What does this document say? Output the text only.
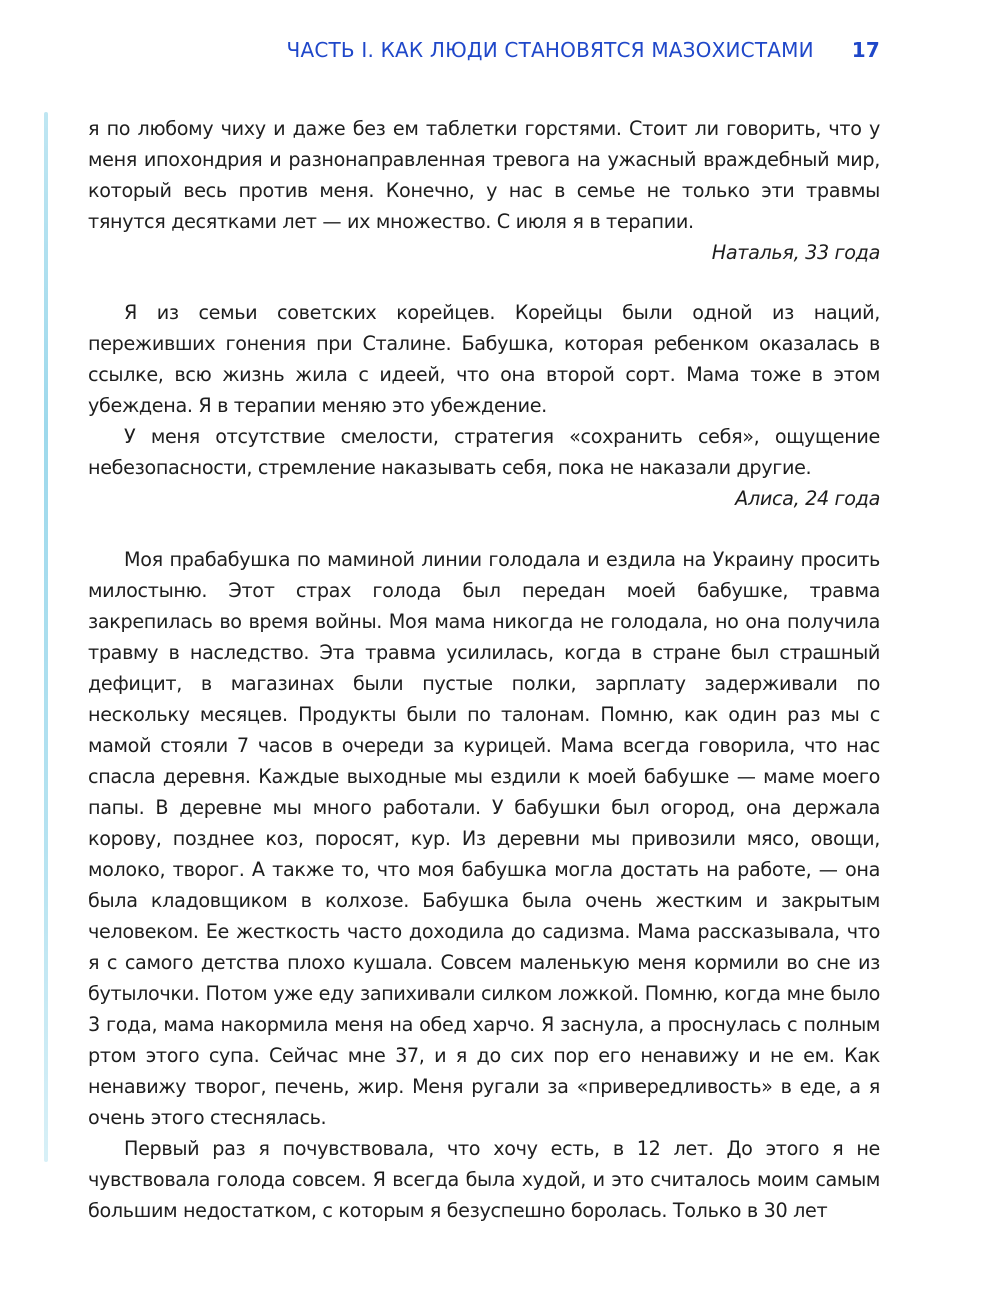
ЧАСТЬ I. КАК ЛЮДИ СТАНОВЯТСЯ МАЗОХИСТАМИ 17

я по любому чиху и даже без ем таблетки горстями. Стоит ли говорить, что у меня ипохондрия и разнонаправленная тревога на ужасный враждебный мир, который весь против меня. Конечно, у нас в семье не только эти травмы тянутся десятками лет — их множество. С июля я в терапии.

Наталья, 33 года

Я из семьи советских корейцев. Корейцы были одной из наций, переживших гонения при Сталине. Бабушка, которая ребенком оказалась в ссылке, всю жизнь жила с идеей, что она второй сорт. Мама тоже в этом убеждена. Я в терапии меняю это убеждение.

У меня отсутствие смелости, стратегия «сохранить себя», ощущение небезопасности, стремление наказывать себя, пока не наказали другие.

Алиса, 24 года

Моя прабабушка по маминой линии голодала и ездила на Украину просить милостыню. Этот страх голода был передан моей бабушке, травма закрепилась во время войны. Моя мама никогда не голодала, но она получила травму в наследство. Эта травма усилилась, когда в стране был страшный дефицит, в магазинах были пустые полки, зарплату задерживали по нескольку месяцев. Продукты были по талонам. Помню, как один раз мы с мамой стояли 7 часов в очереди за курицей. Мама всегда говорила, что нас спасла деревня. Каждые выходные мы ездили к моей бабушке — маме моего папы. В деревне мы много работали. У бабушки был огород, она держала корову, позднее коз, поросят, кур. Из деревни мы привозили мясо, овощи, молоко, творог. А также то, что моя бабушка могла достать на работе, — она была кладовщиком в колхозе. Бабушка была очень жестким и закрытым человеком. Ее жесткость часто доходила до садизма. Мама рассказывала, что я с самого детства плохо кушала. Совсем маленькую меня кормили во сне из бутылочки. Потом уже еду запихивали силком ложкой. Помню, когда мне было 3 года, мама накормила меня на обед харчо. Я заснула, а проснулась с полным ртом этого супа. Сейчас мне 37, и я до сих пор его ненавижу и не ем. Как ненавижу творог, печень, жир. Меня ругали за «привередливость» в еде, а я очень этого стеснялась.

Первый раз я почувствовала, что хочу есть, в 12 лет. До этого я не чувствовала голода совсем. Я всегда была худой, и это считалось моим самым большим недостатком, с которым я безуспешно боролась. Только в 30 лет
